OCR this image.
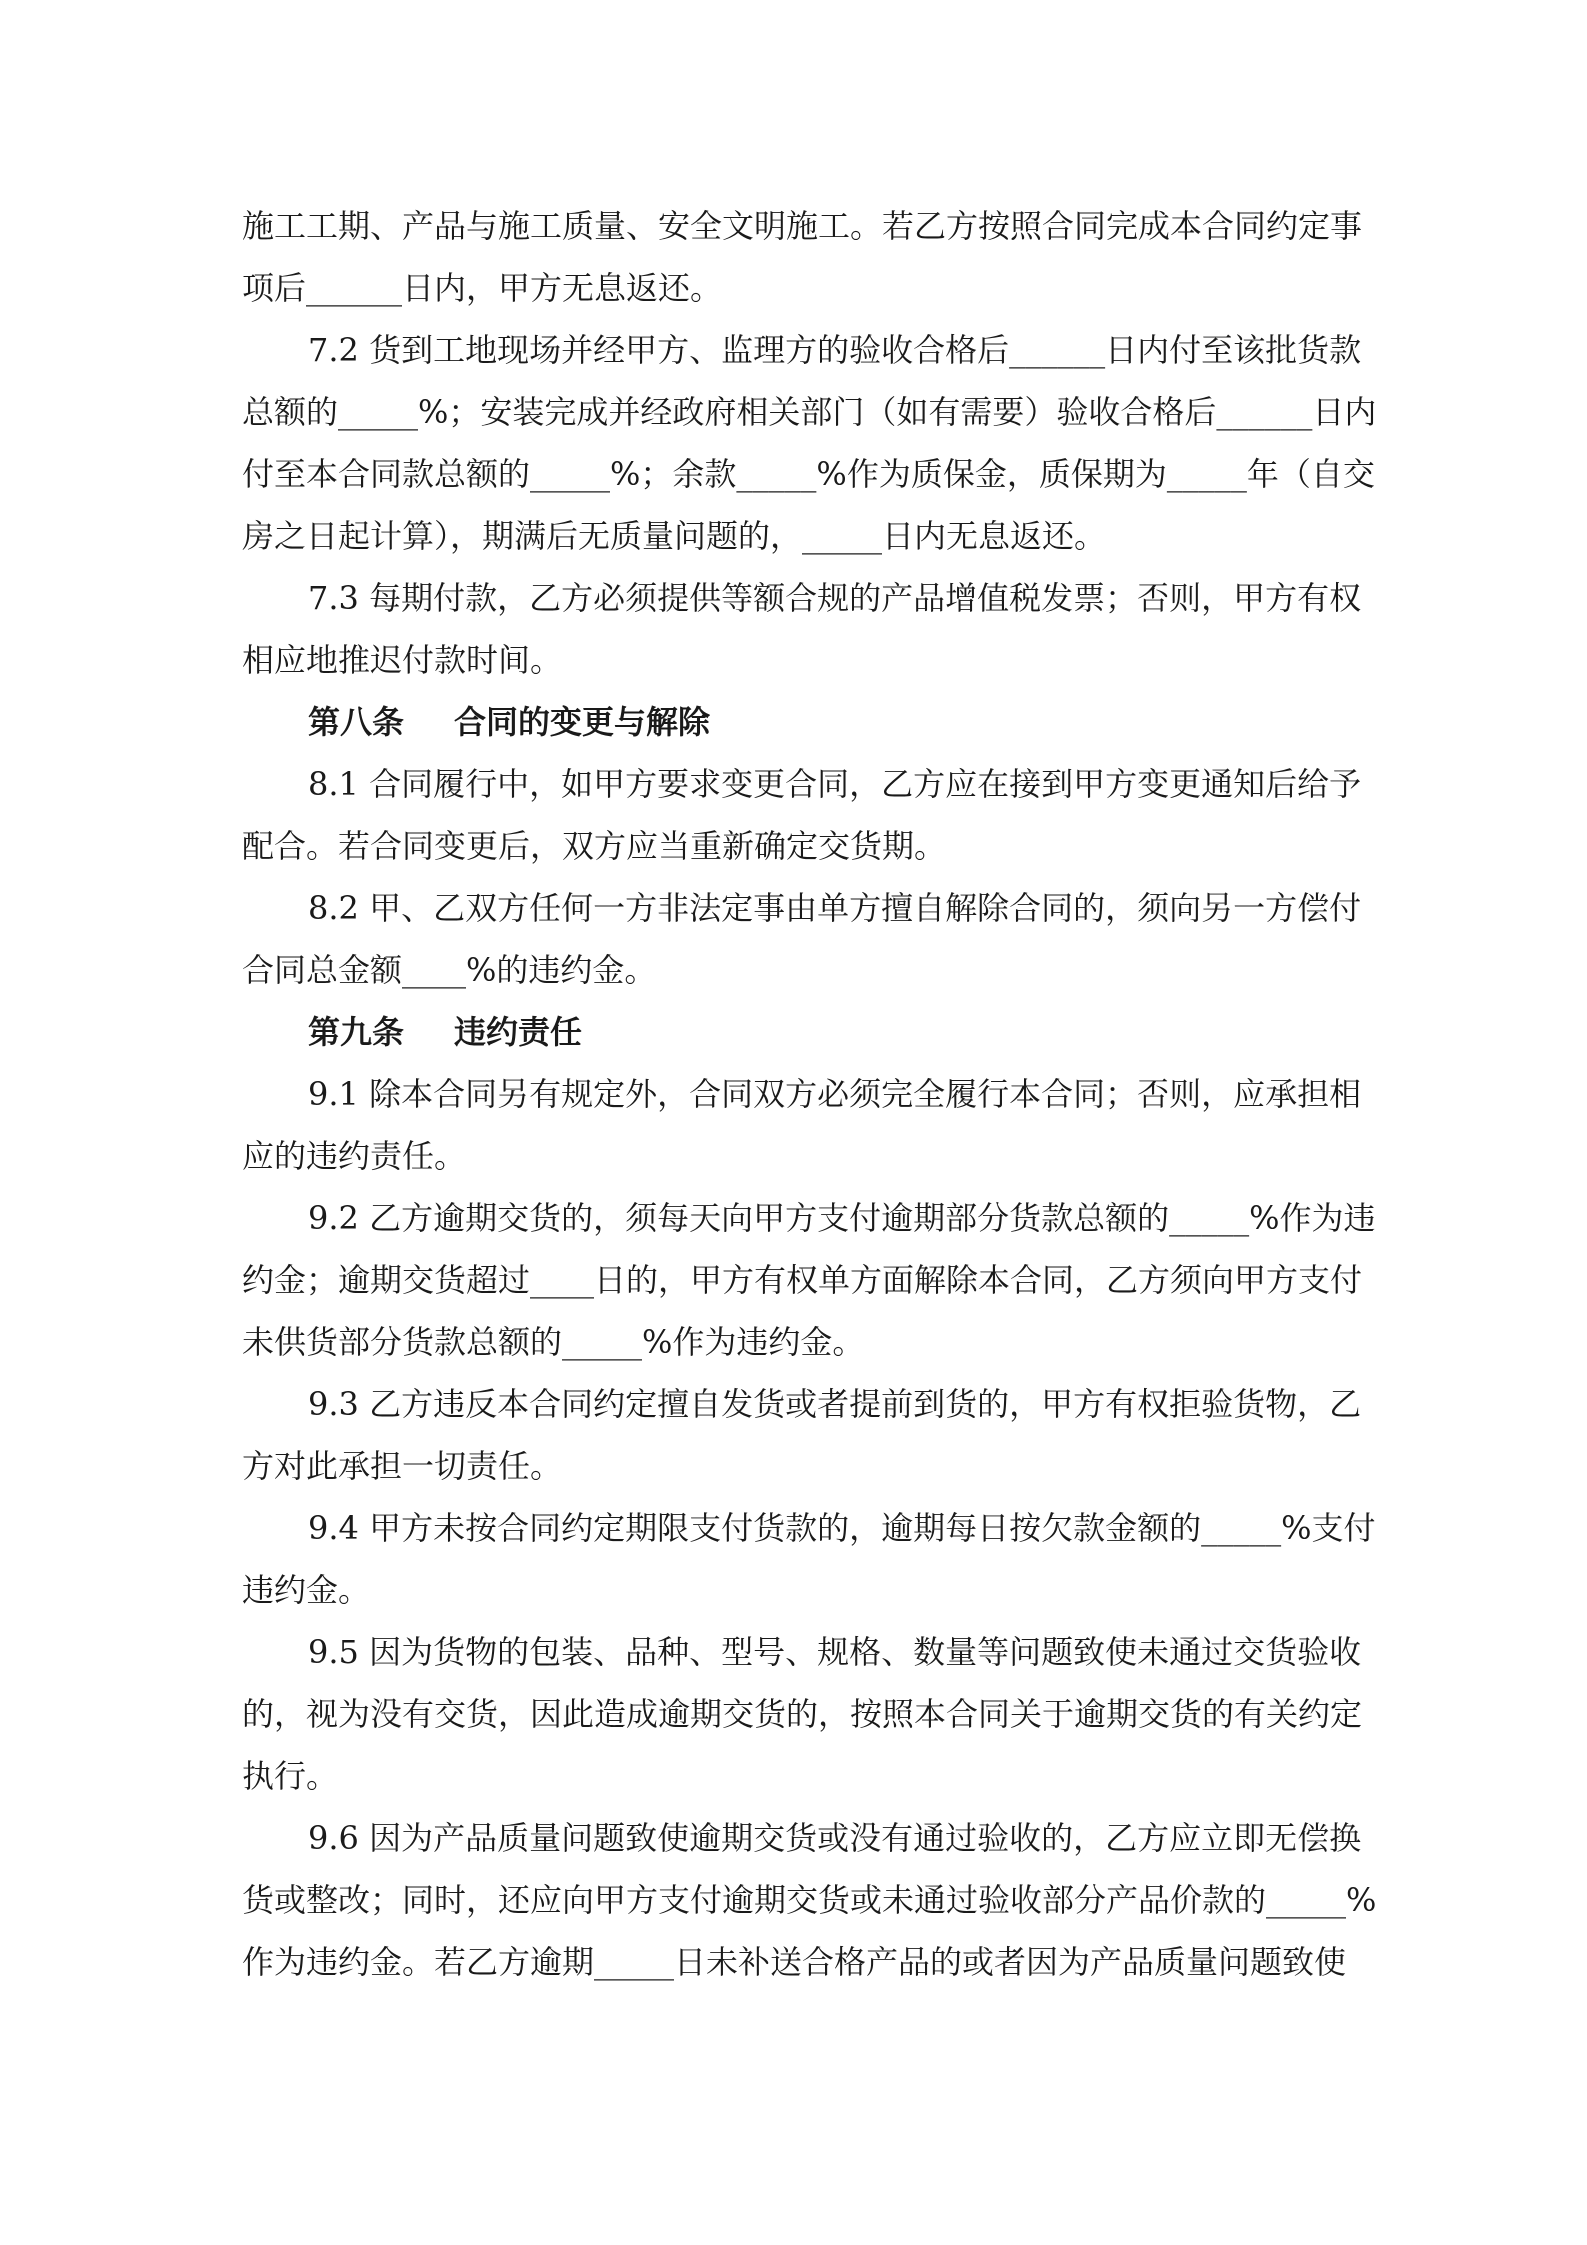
施工工期、产品与施工质量、安全文明施工。若乙方按照合同完成本合同约定事
项后______日内，甲方无息返还。
7.2 货到工地现场并经甲方、监理方的验收合格后______日内付至该批货款
总额的_____%；安装完成并经政府相关部门（如有需要）验收合格后______日内
付至本合同款总额的_____%；余款_____%作为质保金，质保期为_____年（自交
房之日起计算），期满后无质量问题的，_____日内无息返还。
7.3 每期付款，乙方必须提供等额合规的产品增值税发票；否则，甲方有权
相应地推迟付款时间。
第八条 合同的变更与解除
8.1 合同履行中，如甲方要求变更合同，乙方应在接到甲方变更通知后给予
配合。若合同变更后，双方应当重新确定交货期。
8.2 甲、乙双方任何一方非法定事由单方擅自解除合同的，须向另一方偿付
合同总金额____%的违约金。
第九条 违约责任
9.1 除本合同另有规定外，合同双方必须完全履行本合同；否则，应承担相
应的违约责任。
9.2 乙方逾期交货的，须每天向甲方支付逾期部分货款总额的_____%作为违
约金；逾期交货超过____日的，甲方有权单方面解除本合同，乙方须向甲方支付
未供货部分货款总额的_____%作为违约金。
9.3 乙方违反本合同约定擅自发货或者提前到货的，甲方有权拒验货物，乙
方对此承担一切责任。
9.4 甲方未按合同约定期限支付货款的，逾期每日按欠款金额的_____%支付
违约金。
9.5 因为货物的包装、品种、型号、规格、数量等问题致使未通过交货验收
的，视为没有交货，因此造成逾期交货的，按照本合同关于逾期交货的有关约定
执行。
9.6 因为产品质量问题致使逾期交货或没有通过验收的，乙方应立即无偿换
货或整改；同时，还应向甲方支付逾期交货或未通过验收部分产品价款的_____%
作为违约金。若乙方逾期_____日未补送合格产品的或者因为产品质量问题致使
